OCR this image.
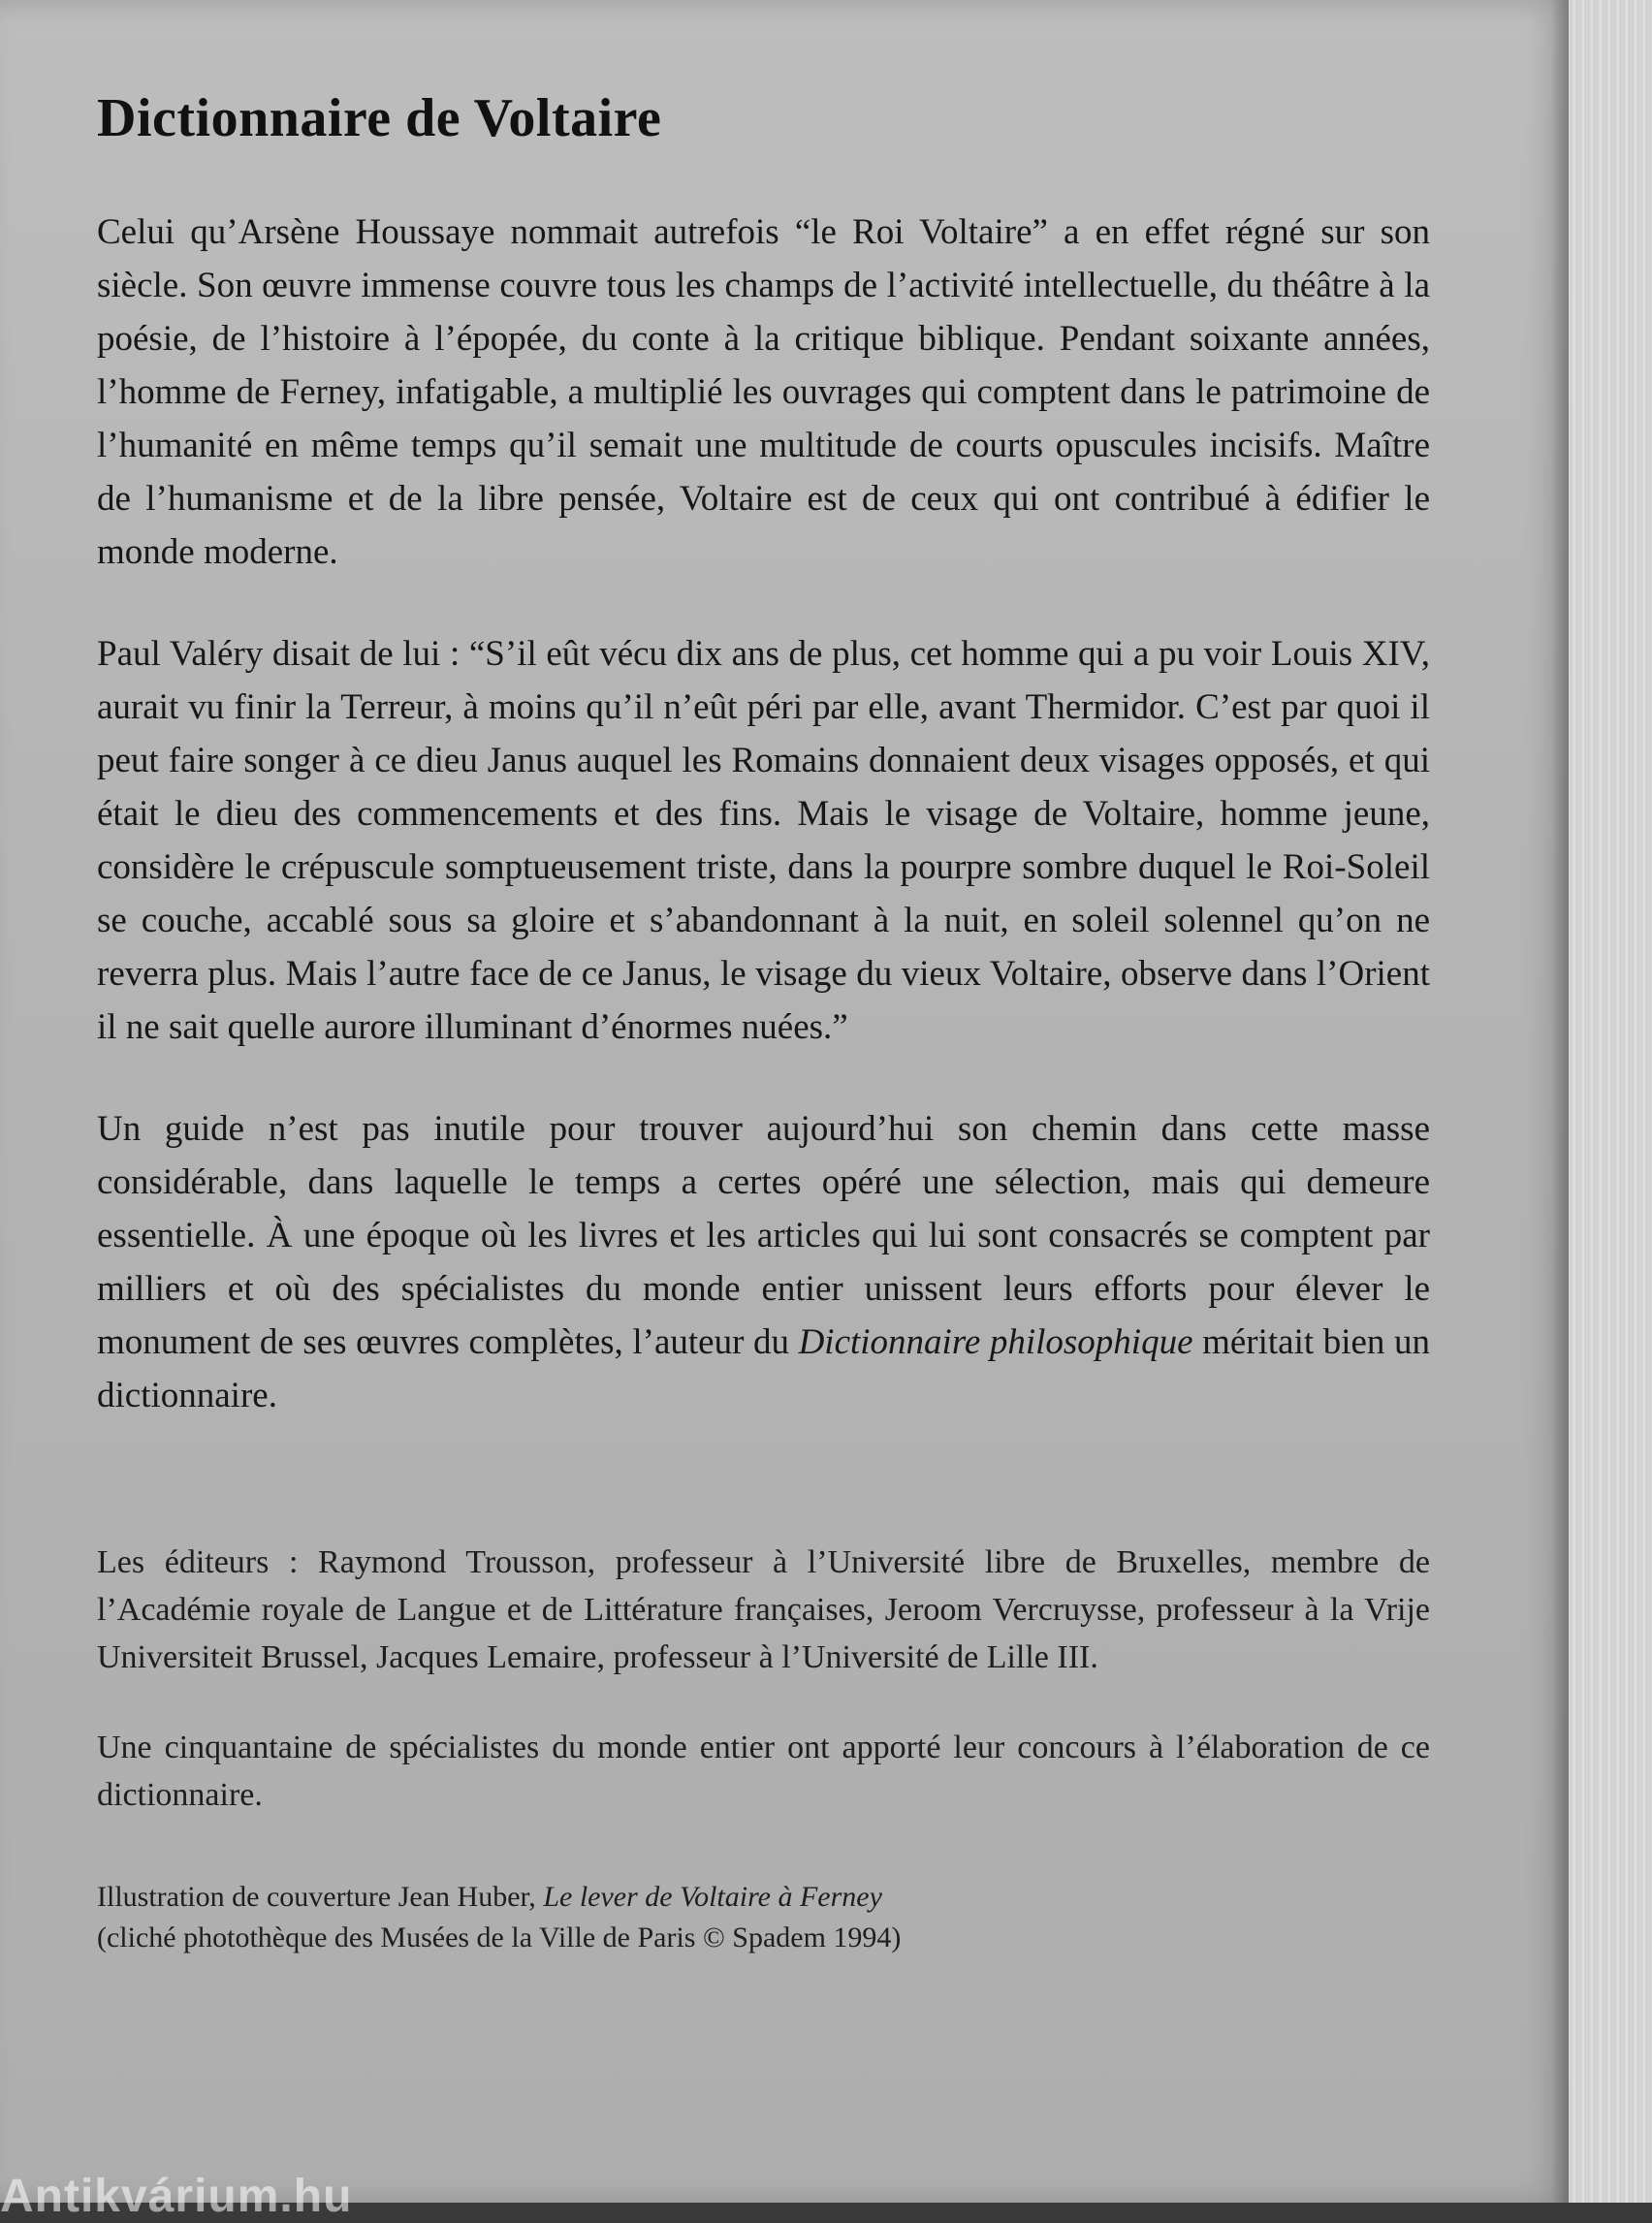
Dictionnaire de Voltaire

Celui qu’Arsène Houssaye nommait autrefois “le Roi Voltaire” a en effet régné sur son siècle. Son œuvre immense couvre tous les champs de l’activité intellectuelle, du théâtre à la poésie, de l’histoire à l’épopée, du conte à la critique biblique. Pendant soixante années, l’homme de Ferney, infatigable, a multiplié les ouvrages qui comptent dans le patrimoine de l’humanité en même temps qu’il semait une multitude de courts opuscules incisifs. Maître de l’humanisme et de la libre pensée, Voltaire est de ceux qui ont contribué à édifier le monde moderne.

Paul Valéry disait de lui : “S’il eût vécu dix ans de plus, cet homme qui a pu voir Louis XIV, aurait vu finir la Terreur, à moins qu’il n’eût péri par elle, avant Thermidor. C’est par quoi il peut faire songer à ce dieu Janus auquel les Romains donnaient deux visages opposés, et qui était le dieu des commencements et des fins. Mais le visage de Voltaire, homme jeune, considère le crépuscule somptueusement triste, dans la pourpre sombre duquel le Roi-Soleil se couche, accablé sous sa gloire et s’abandonnant à la nuit, en soleil solennel qu’on ne reverra plus. Mais l’autre face de ce Janus, le visage du vieux Voltaire, observe dans l’Orient il ne sait quelle aurore illuminant d’énormes nuées.”

Un guide n’est pas inutile pour trouver aujourd’hui son chemin dans cette masse considérable, dans laquelle le temps a certes opéré une sélection, mais qui demeure essentielle. À une époque où les livres et les articles qui lui sont consacrés se comptent par milliers et où des spécialistes du monde entier unissent leurs efforts pour élever le monument de ses œuvres complètes, l’auteur du Dictionnaire philosophique méritait bien un dictionnaire.

Les éditeurs : Raymond Trousson, professeur à l’Université libre de Bruxelles, membre de l’Académie royale de Langue et de Littérature françaises, Jeroom Vercruysse, professeur à la Vrije Universiteit Brussel, Jacques Lemaire, professeur à l’Université de Lille III.

Une cinquantaine de spécialistes du monde entier ont apporté leur concours à l’élaboration de ce dictionnaire.

Illustration de couverture Jean Huber, Le lever de Voltaire à Ferney
(cliché photothèque des Musées de la Ville de Paris © Spadem 1994)
Antikvárium.hu
